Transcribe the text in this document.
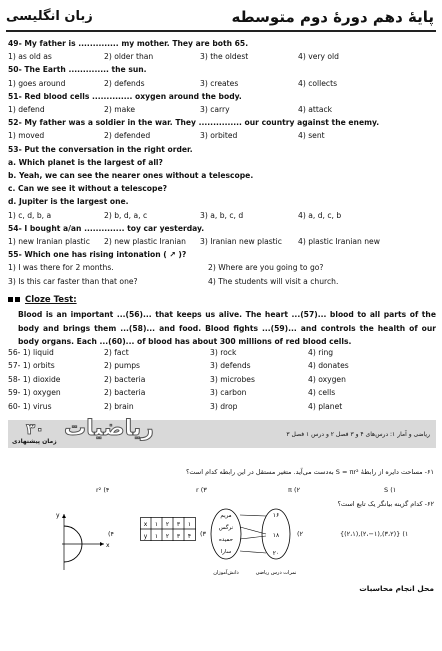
زبان انگلیسی	پایهٔ دهم دورهٔ دوم متوسطه
49- My father is .............. my mother. They are both 65.
1) as old as	2) older than	3) the oldest	4) very old
50- The Earth .............. the sun.
1) goes around	2) defends	3) creates	4) collects
51- Red blood cells .............. oxygen around the body.
1) defend	2) make	3) carry	4) attack
52- My father was a soldier in the war. They ............... our country against the enemy.
1) moved	2) defended	3) orbited	4) sent
53- Put the conversation in the right order.
a. Which planet is the largest of all?
b. Yeah, we can see the nearer ones without a telescope.
c. Can we see it without a telescope?
d. Jupiter is the largest one.
1) c, d, b, a	2) b, d, a, c	3) a, b, c, d	4) a, d, c, b
54- I bought a/an .............. toy car yesterday.
1) new Iranian plastic	2) new plastic Iranian	3) Iranian new plastic	4) plastic Iranian new
55- Which one has rising intonation ( ↗ )?
1) I was there for 2 months.	2) Where are you going to go?
3) Is this car faster than that one?	4) The students will visit a church.
Cloze Test:
Blood is an important ...(56)... that keeps us alive. The heart ...(57)... blood to all parts of the body and brings them ...(58)... and food. Blood fights ...(59)... and controls the health of our body organs. Each ...(60)... of blood has about 300 millions of red blood cells.
56- 1) liquid	2) fact	3) rock	4) ring
57- 1) orbits	2) pumps	3) defends	4) donates
58- 1) dioxide	2) bacteria	3) microbes	4) oxygen
59- 1) oxygen	2) bacteria	3) carbon	4) cells
60- 1) virus	2) brain	3) drop	4) planet
ریاضیات
۳۰
زمان پیشنهادی
ریاضی و آمار ۱: درس‌های ۴ و ۳ فصل ۲ و درس ۱ فصل ۳
۶۱- مساحت دایره از رابطهٔ S = πr² به‌دست می‌آید. متغیر مستقل در این رابطه کدام است؟
S (۱
π (۲
r (۳
r² (۴
۶۲- کدام گزینه بیانگر یک تابع است؟
{(۲،۱),(۲،−۱),(۳،۲)} (۱
(۲
(۳
(۴
۱۶
۱۸
۲۰
مریم
نرگس
حمیده
سارا
نمرات درس ریاضی
دانش‌آموزان
x ۱ ۲ ۳ ۱
y ۱ ۲ ۳ ۴
x
y
محل انجام محاسبات
